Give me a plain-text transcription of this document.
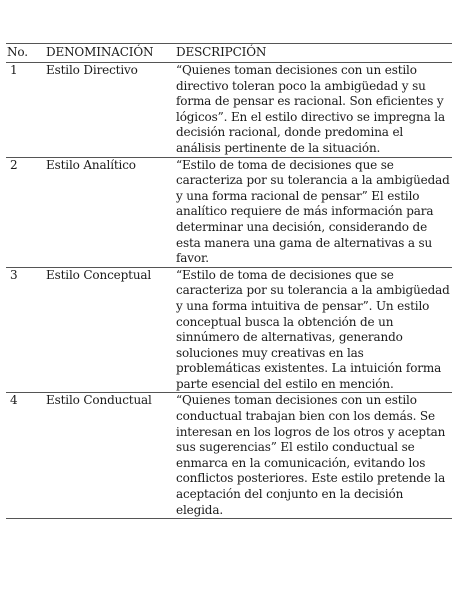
No.	DENOMINACIÓN	DESCRIPCIÓN
1	Estilo Directivo	“Quienes toman decisiones con un estilo directivo toleran poco la ambigüedad y su forma de pensar es racional. Son eficientes y lógicos”. En el estilo directivo se impregna la decisión racional, donde predomina el análisis pertinente de la situación.
2	Estilo Analítico	“Estilo de toma de decisiones que se caracteriza por su tolerancia a la ambigüedad y una forma racional de pensar” El estilo analítico requiere de más información para determinar una decisión, considerando de esta manera una gama de alternativas a su favor.
3	Estilo Conceptual	“Estilo de toma de decisiones que se caracteriza por su tolerancia a la ambigüedad y una forma intuitiva de pensar”. Un estilo conceptual busca la obtención de un sinnúmero de alternativas, generando soluciones muy creativas en las problemáticas existentes. La intuición forma parte esencial del estilo en mención.
4	Estilo Conductual	“Quienes toman decisiones con un estilo conductual trabajan bien con los demás. Se interesan en los logros de los otros y aceptan sus sugerencias” El estilo conductual se enmarca en la comunicación, evitando los conflictos posteriores. Este estilo pretende la aceptación del conjunto en la decisión elegida.
